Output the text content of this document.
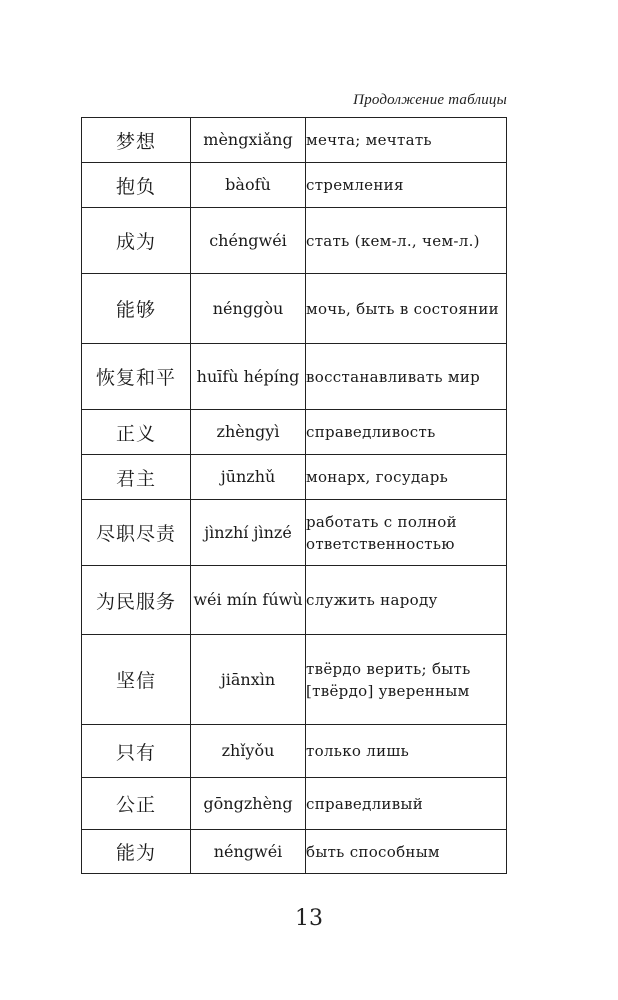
Продолжение таблицы
梦想	mèngxiǎng	мечта; мечтать
抱负	bàofù	стремления
成为	chéngwéi	стать (кем-л., чем-л.)
能够	nénggòu	мочь, быть в состоянии
恢复和平	huīfù hépíng	восстанавливать мир
正义	zhèngyì	справедливость
君主	jūnzhǔ	монарх, государь
尽职尽责	jìnzhí jìnzé	работать с полной ответственностью
为民服务	wéi mín fúwù	служить народу
坚信	jiānxìn	твёрдо верить; быть [твёрдо] уверенным
只有	zhǐyǒu	только лишь
公正	gōngzhèng	справедливый
能为	néngwéi	быть способным
13
